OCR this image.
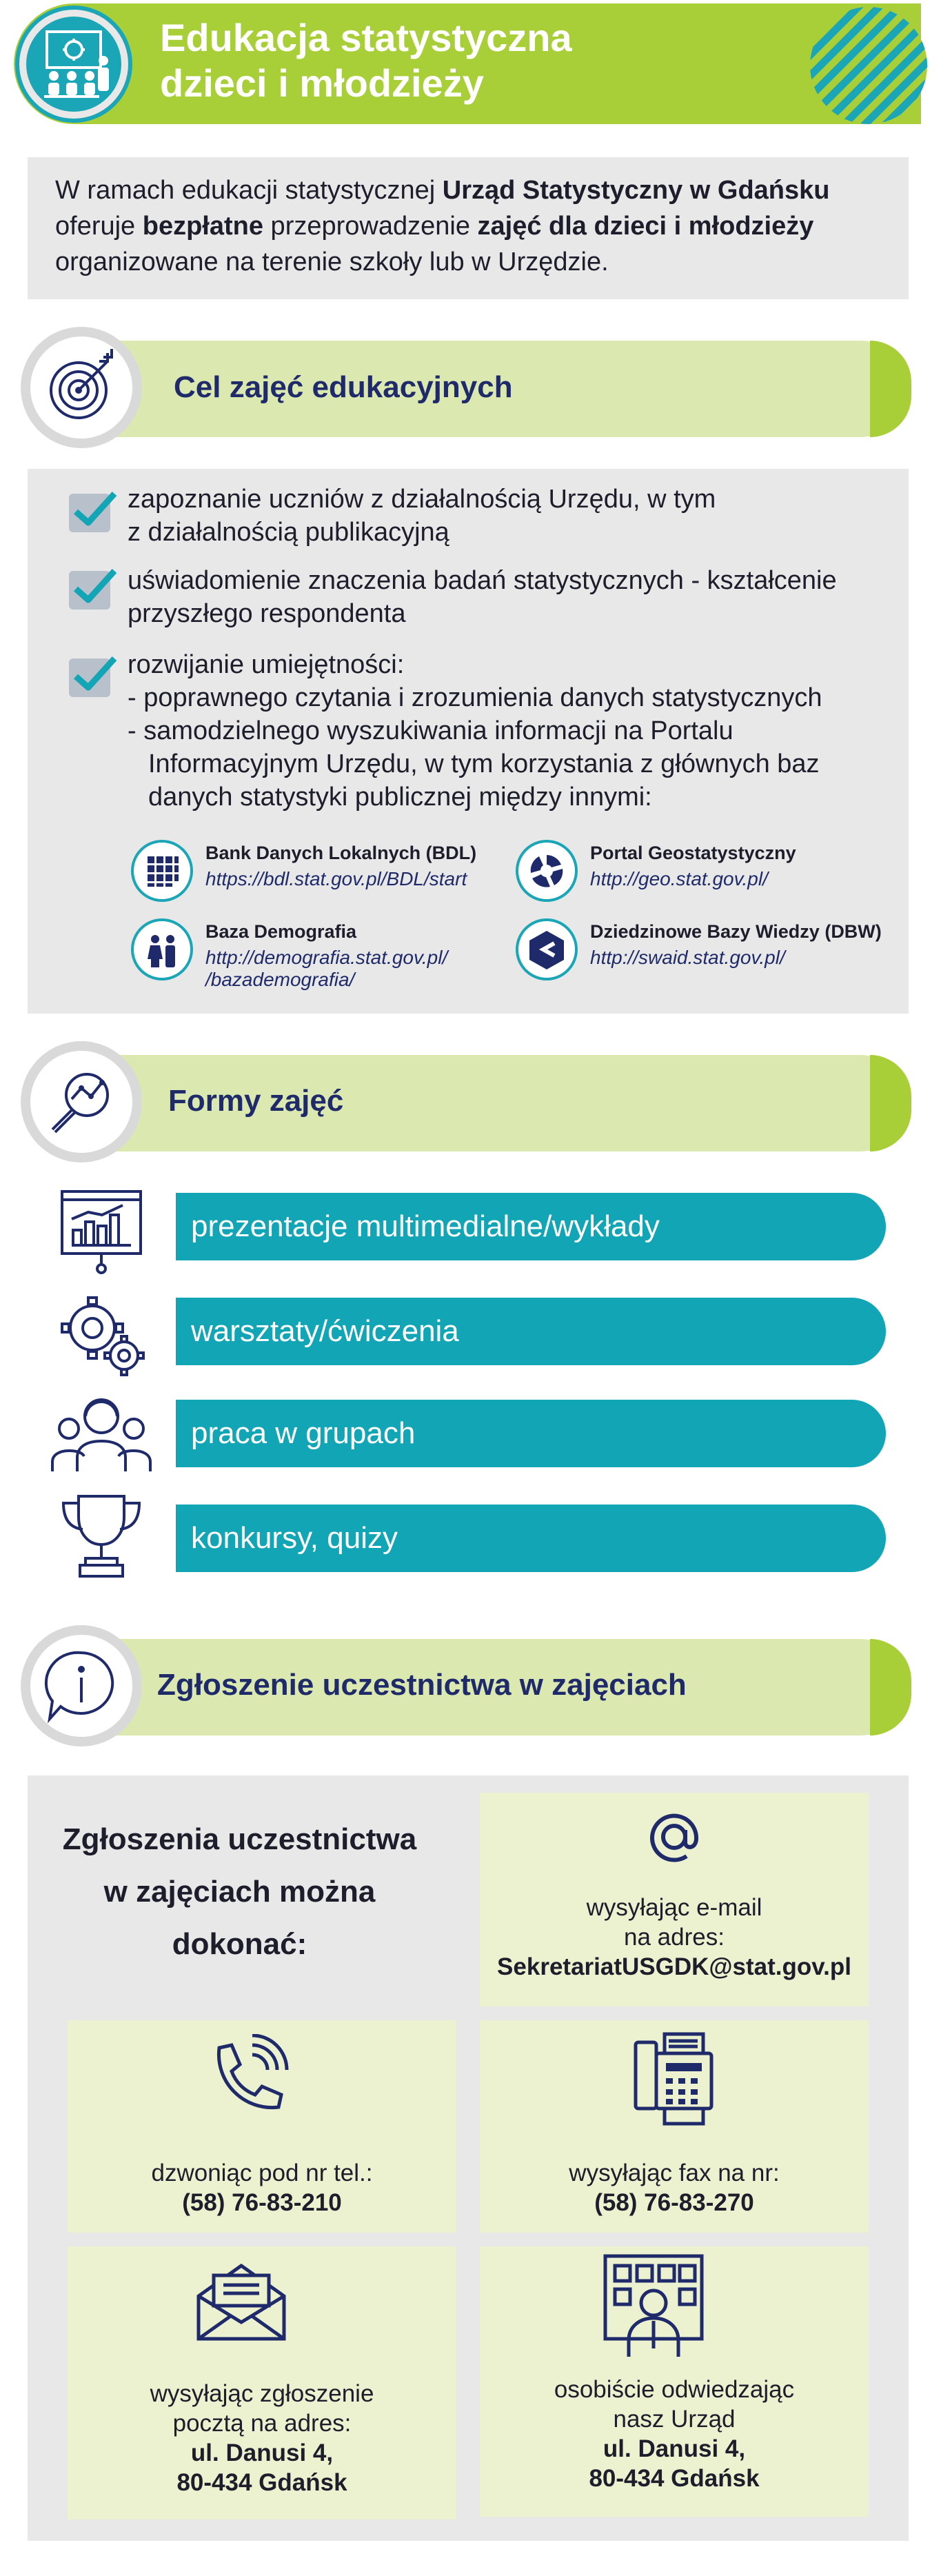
Edukacja statystyczna
dzieci i młodzieży
W ramach edukacji statystycznej Urząd Statystyczny w Gdańsku
oferuje bezpłatne przeprowadzenie zajęć dla dzieci i młodzieży
organizowane na terenie szkoły lub w Urzędzie.
Cel zajęć edukacyjnych
zapoznanie uczniów z działalnością Urzędu, w tym
z działalnością publikacyjną
uświadomienie znaczenia badań statystycznych - kształcenie
przyszłego respondenta
rozwijanie umiejętności:
- poprawnego czytania i zrozumienia danych statystycznych
- samodzielnego wyszukiwania informacji na Portalu
Informacyjnym Urzędu, w tym korzystania z głównych baz
danych statystyki publicznej między innymi:
Bank Danych Lokalnych (BDL)
https://bdl.stat.gov.pl/BDL/start
Portal Geostatystyczny
http://geo.stat.gov.pl/
Baza Demografia
http://demografia.stat.gov.pl/
/bazademografia/
Dziedzinowe Bazy Wiedzy (DBW)
http://swaid.stat.gov.pl/
Formy zajęć
prezentacje multimedialne/wykłady
warsztaty/ćwiczenia
praca w grupach
konkursy, quizy
Zgłoszenie uczestnictwa w zajęciach
Zgłoszenia uczestnictwa
w zajęciach można
dokonać:
wysyłając e-mail
na adres:
SekretariatUSGDK@stat.gov.pl
dzwoniąc pod nr tel.:
(58) 76-83-210
wysyłając fax na nr:
(58) 76-83-270
wysyłając zgłoszenie
pocztą na adres:
ul. Danusi 4,
80-434 Gdańsk
osobiście odwiedzając
nasz Urząd
ul. Danusi 4,
80-434 Gdańsk
